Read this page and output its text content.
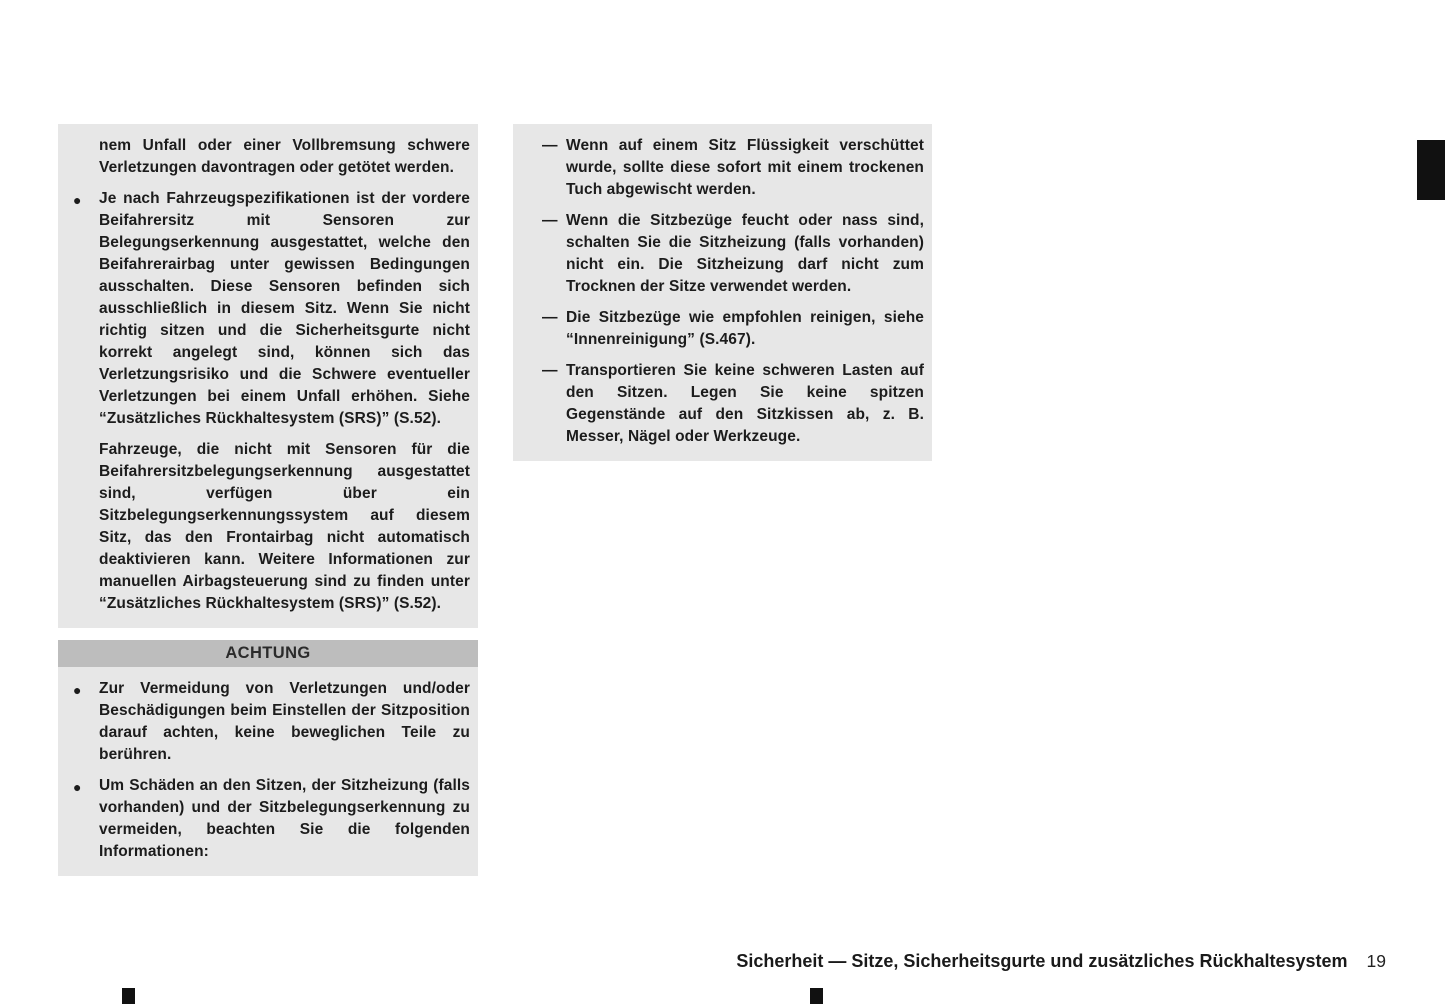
nem Unfall oder einer Vollbremsung schwere Verletzungen davontragen oder getötet werden.

● Je nach Fahrzeugspezifikationen ist der vordere Beifahrersitz mit Sensoren zur Belegungserkennung ausgestattet, welche den Beifahrerairbag unter gewissen Bedingungen ausschalten. Diese Sensoren befinden sich ausschließlich in diesem Sitz. Wenn Sie nicht richtig sitzen und die Sicherheitsgurte nicht korrekt angelegt sind, können sich das Verletzungsrisiko und die Schwere eventueller Verletzungen bei einem Unfall erhöhen. Siehe “Zusätzliches Rückhaltesystem (SRS)” (S.52).

Fahrzeuge, die nicht mit Sensoren für die Beifahrersitzbelegungserkennung ausgestattet sind, verfügen über ein Sitzbelegungserkennungssystem auf diesem Sitz, das den Frontairbag nicht automatisch deaktivieren kann. Weitere Informationen zur manuellen Airbagsteuerung sind zu finden unter “Zusätzliches Rückhaltesystem (SRS)” (S.52).

ACHTUNG
● Zur Vermeidung von Verletzungen und/oder Beschädigungen beim Einstellen der Sitzposition darauf achten, keine beweglichen Teile zu berühren.
● Um Schäden an den Sitzen, der Sitzheizung (falls vorhanden) und der Sitzbelegungserkennung zu vermeiden, beachten Sie die folgenden Informationen:
— Wenn auf einem Sitz Flüssigkeit verschüttet wurde, sollte diese sofort mit einem trockenen Tuch abgewischt werden.
— Wenn die Sitzbezüge feucht oder nass sind, schalten Sie die Sitzheizung (falls vorhanden) nicht ein. Die Sitzheizung darf nicht zum Trocknen der Sitze verwendet werden.
— Die Sitzbezüge wie empfohlen reinigen, siehe “Innenreinigung” (S.467).
— Transportieren Sie keine schweren Lasten auf den Sitzen. Legen Sie keine spitzen Gegenstände auf den Sitzkissen ab, z. B. Messer, Nägel oder Werkzeuge.
Sicherheit — Sitze, Sicherheitsgurte und zusätzliches Rückhaltesystem 19
